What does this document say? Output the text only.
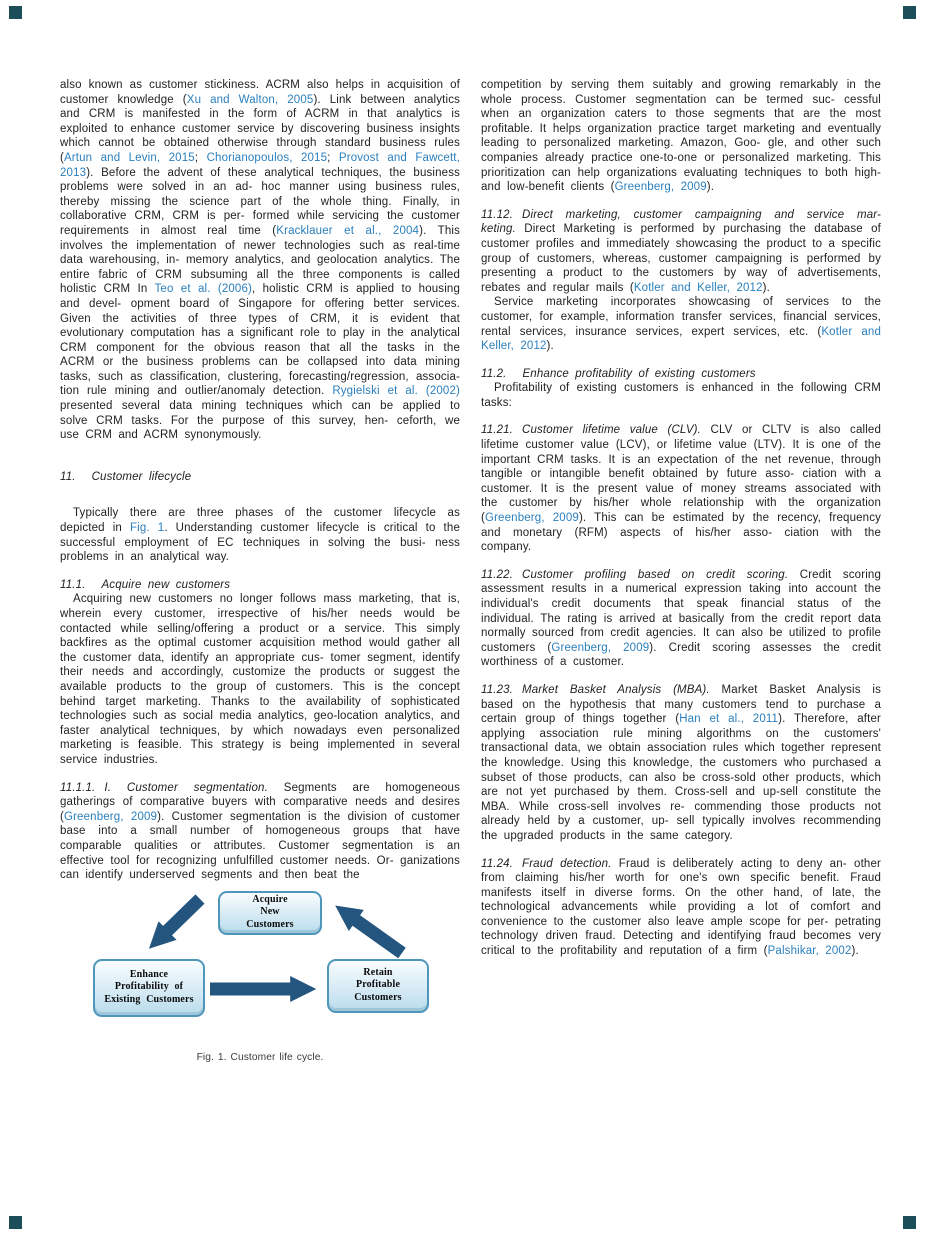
also known as customer stickiness. ACRM also helps in acquisition of customer knowledge (Xu and Walton, 2005). Link between analytics and CRM is manifested in the form of ACRM in that analytics is exploited to enhance customer service by discovering business insights which cannot be obtained otherwise through standard business rules (Artun and Levin, 2015; Chorianopoulos, 2015; Provost and Fawcett, 2013). Before the advent of these analytical techniques, the business problems were solved in an ad- hoc manner using business rules, thereby missing the science part of the whole thing. Finally, in collaborative CRM, CRM is per- formed while servicing the customer requirements in almost real time (Kracklauer et al., 2004). This involves the implementation of newer technologies such as real-time data warehousing, in- memory analytics, and geolocation analytics. The entire fabric of CRM subsuming all the three components is called holistic CRM In Teo et al. (2006), holistic CRM is applied to housing and devel- opment board of Singapore for offering better services. Given the activities of three types of CRM, it is evident that evolutionary computation has a significant role to play in the analytical CRM component for the obvious reason that all the tasks in the ACRM or the business problems can be collapsed into data mining tasks, such as classification, clustering, forecasting/regression, associa- tion rule mining and outlier/anomaly detection. Rygielski et al. (2002) presented several data mining techniques which can be applied to solve CRM tasks. For the purpose of this survey, hen- ceforth, we use CRM and ACRM synonymously.

11. Customer lifecycle

Typically there are three phases of the customer lifecycle as depicted in Fig. 1. Understanding customer lifecycle is critical to the successful employment of EC techniques in solving the busi- ness problems in an analytical way.

11.1. Acquire new customers

Acquiring new customers no longer follows mass marketing, that is, wherein every customer, irrespective of his/her needs would be contacted while selling/offering a product or a service. This simply backfires as the optimal customer acquisition method would gather all the customer data, identify an appropriate cus- tomer segment, identify their needs and accordingly, customize the products or suggest the available products to the group of customers. This is the concept behind target marketing. Thanks to the availability of sophisticated technologies such as social media analytics, geo-location analytics, and faster analytical techniques, by which nowadays even personalized marketing is feasible. This strategy is being implemented in several service industries.

11.1.1. I. Customer segmentation. Segments are homogeneous gatherings of comparative buyers with comparative needs and desires (Greenberg, 2009). Customer segmentation is the division of customer base into a small number of homogeneous groups that have comparable qualities or attributes. Customer segmentation is an effective tool for recognizing unfulfilled customer needs. Or- ganizations can identify underserved segments and then beat the

Acquire
New
Customers
Enhance
Profitability of
Existing Customers
Retain
Profitable
Customers
Fig. 1. Customer life cycle.

competition by serving them suitably and growing remarkably in the whole process. Customer segmentation can be termed suc- cessful when an organization caters to those segments that are the most profitable. It helps organization practice target marketing and eventually leading to personalized marketing. Amazon, Goo- gle, and other such companies already practice one-to-one or personalized marketing. This prioritization can help organizations evaluating techniques to both high- and low-benefit clients (Greenberg, 2009).

11.12. Direct marketing, customer campaigning and service mar- keting. Direct Marketing is performed by purchasing the database of customer profiles and immediately showcasing the product to a specific group of customers, whereas, customer campaigning is performed by presenting a product to the customers by way of advertisements, rebates and regular mails (Kotler and Keller, 2012).

Service marketing incorporates showcasing of services to the customer, for example, information transfer services, financial services, rental services, insurance services, expert services, etc. (Kotler and Keller, 2012).

11.2. Enhance profitability of existing customers

Profitability of existing customers is enhanced in the following CRM tasks:

11.21. Customer lifetime value (CLV). CLV or CLTV is also called lifetime customer value (LCV), or lifetime value (LTV). It is one of the important CRM tasks. It is an expectation of the net revenue, through tangible or intangible benefit obtained by future asso- ciation with a customer. It is the present value of money streams associated with the customer by his/her whole relationship with the organization (Greenberg, 2009). This can be estimated by the recency, frequency and monetary (RFM) aspects of his/her asso- ciation with the company.

11.22. Customer profiling based on credit scoring. Credit scoring assessment results in a numerical expression taking into account the individual's credit documents that speak financial status of the individual. The rating is arrived at basically from the credit report data normally sourced from credit agencies. It can also be utilized to profile customers (Greenberg, 2009). Credit scoring assesses the credit worthiness of a customer.

11.23. Market Basket Analysis (MBA). Market Basket Analysis is based on the hypothesis that many customers tend to purchase a certain group of things together (Han et al., 2011). Therefore, after applying association rule mining algorithms on the customers' transactional data, we obtain association rules which together represent the knowledge. Using this knowledge, the customers who purchased a subset of those products, can also be cross-sold other products, which are not yet purchased by them. Cross-sell and up-sell constitute the MBA. While cross-sell involves re- commending those products not already held by a customer, up- sell typically involves recommending the upgraded products in the same category.

11.24. Fraud detection. Fraud is deliberately acting to deny an- other from claiming his/her worth for one's own specific benefit. Fraud manifests itself in diverse forms. On the other hand, of late, the technological advancements while providing a lot of comfort and convenience to the customer also leave ample scope for per- petrating technology driven fraud. Detecting and identifying fraud becomes very critical to the profitability and reputation of a firm (Palshikar, 2002).
